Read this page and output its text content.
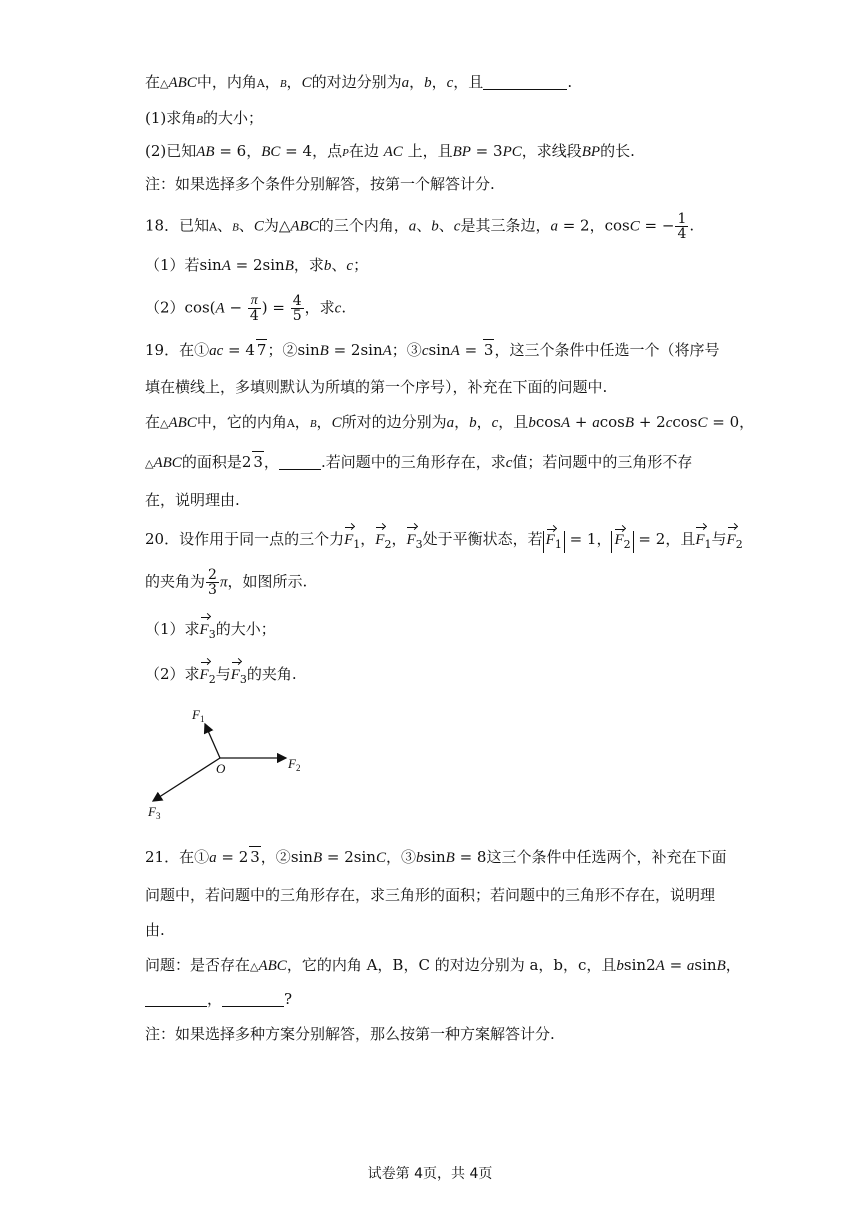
在△ABC中，内角A，B，C的对边分别为a，b，c，且	.
(1)求角B的大小；
(2)已知AB = 6，BC = 4，点P在边 AC 上，且BP = 3PC，求线段BP的长.
注：如果选择多个条件分别解答，按第一个解答计分.
18．已知A、B、C为△ABC的三个内角，a、b、c是其三条边，a = 2，cosC = − $\frac{1}{4}$ .
（1）若sinA = 2sinB，求b、c；
$(2)\cos(A - \frac{\pi}{4}$ ) = $\frac{4}{5}$ ，求c.
19．在①ac = 4 7；②sinB = 2sinA；③csinA = 3，这三个条件中任选一个（将序号
填在横线上，多填则默认为所填的第一个序号），补充在下面的问题中.
在△ABC中，它的内角A，B，C所对的边分别为a，b，c，且bcosA + acosB + 2ccosC = 0，
△ABC的面积是2 3，	.若问题中的三角形存在，求c值；若问题中的三角形不存
在，说明理由.
20．设作用于同一点的三个力$F_1$，$F_2$，$F_3$处于平衡状态，若 $F_1 = 1$， $F_2 = 2$，且$F_1$与$F_2$
的夹角为 $\frac{2}{3}$ π，如图所示.
（1）求$F_3$的大小；
（2）求$F_2$与$F_3$的夹角.
$F_1$
$F_2$
$F_3$
O
21．在①a = 2 3，②sinB = 2sinC，③bsinB = 8这三个条件中任选两个，补充在下面
问题中，若问题中的三角形存在，求三角形的面积；若问题中的三角形不存在，说明理
由.
问题：是否存在△ABC，它的内角 A，B，C 的对边分别为 a，b，c，且bsin2A = asinB，
，	?
注：如果选择多种方案分别解答，那么按第一种方案解答计分.
试卷第 4页，共 4页
